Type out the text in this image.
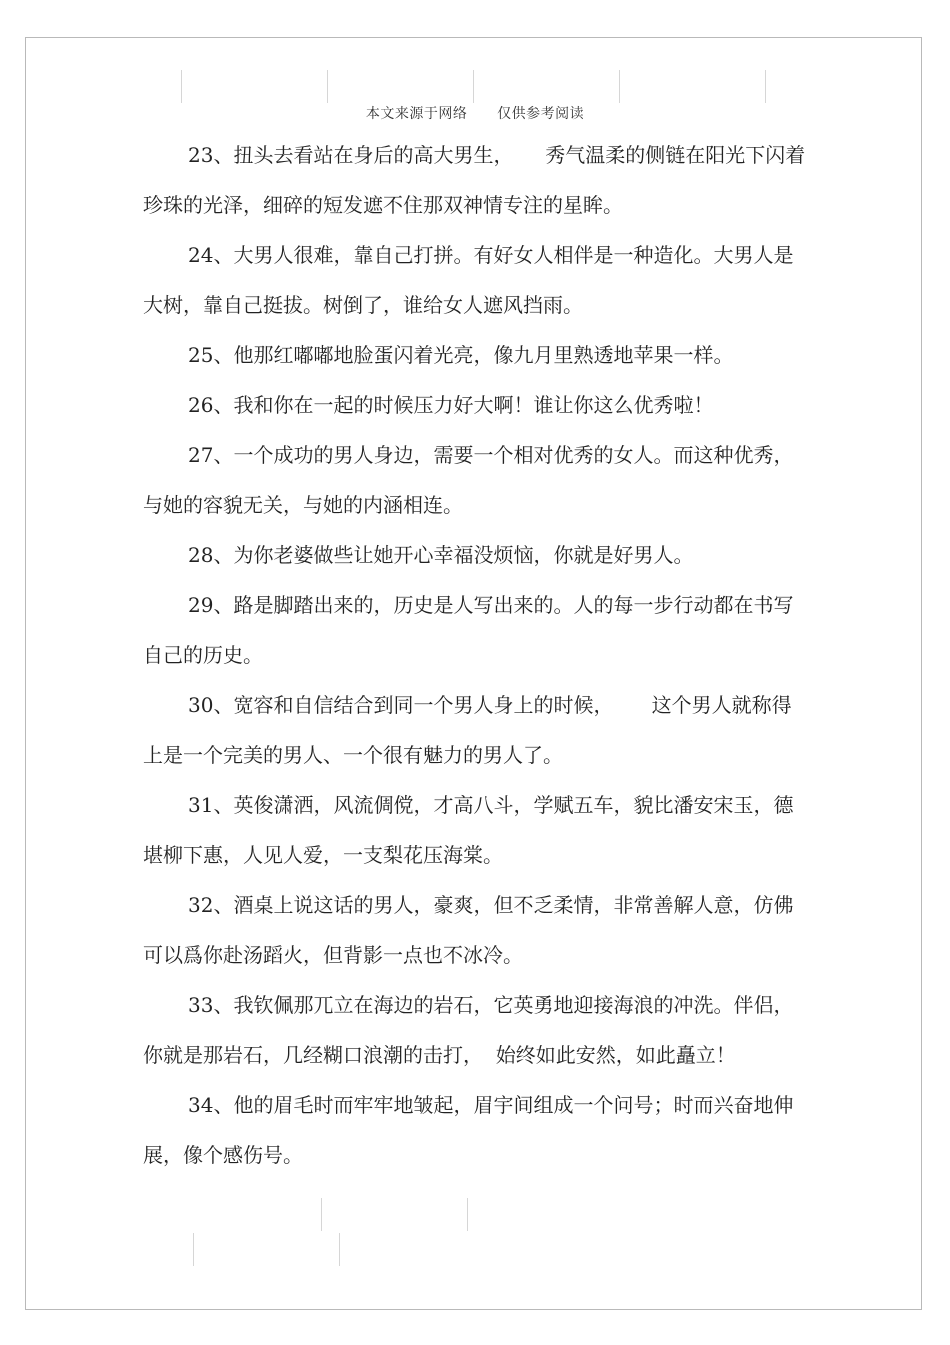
本文来源于网络      仅供参考阅读

23、扭头去看站在身后的高大男生，     秀气温柔的侧链在阳光下闪着珍珠的光泽，细碎的短发遮不住那双神情专注的星眸。

24、大男人很难，靠自己打拼。有好女人相伴是一种造化。大男人是大树，靠自己挺拔。树倒了，谁给女人遮风挡雨。

25、他那红嘟嘟地脸蛋闪着光亮，像九月里熟透地苹果一样。

26、我和你在一起的时候压力好大啊！谁让你这么优秀啦！

27、一个成功的男人身边，需要一个相对优秀的女人。而这种优秀，与她的容貌无关，与她的内涵相连。

28、为你老婆做些让她开心幸福没烦恼，你就是好男人。

29、路是脚踏出来的，历史是人写出来的。人的每一步行动都在书写自己的历史。

30、宽容和自信结合到同一个男人身上的时候，      这个男人就称得上是一个完美的男人、一个很有魅力的男人了。

31、英俊潇洒，风流倜傥，才高八斗，学赋五车，貌比潘安宋玉，德堪柳下惠，人见人爱，一支梨花压海棠。

32、酒桌上说这话的男人，豪爽，但不乏柔情，非常善解人意，仿佛可以爲你赴汤蹈火，但背影一点也不冰冷。

33、我钦佩那兀立在海边的岩石，它英勇地迎接海浪的冲洗。伴侣，你就是那岩石，几经糊口浪潮的击打，  始终如此安然，如此矗立！

34、他的眉毛时而牢牢地皱起，眉宇间组成一个问号；时而兴奋地伸展，像个感伤号。
